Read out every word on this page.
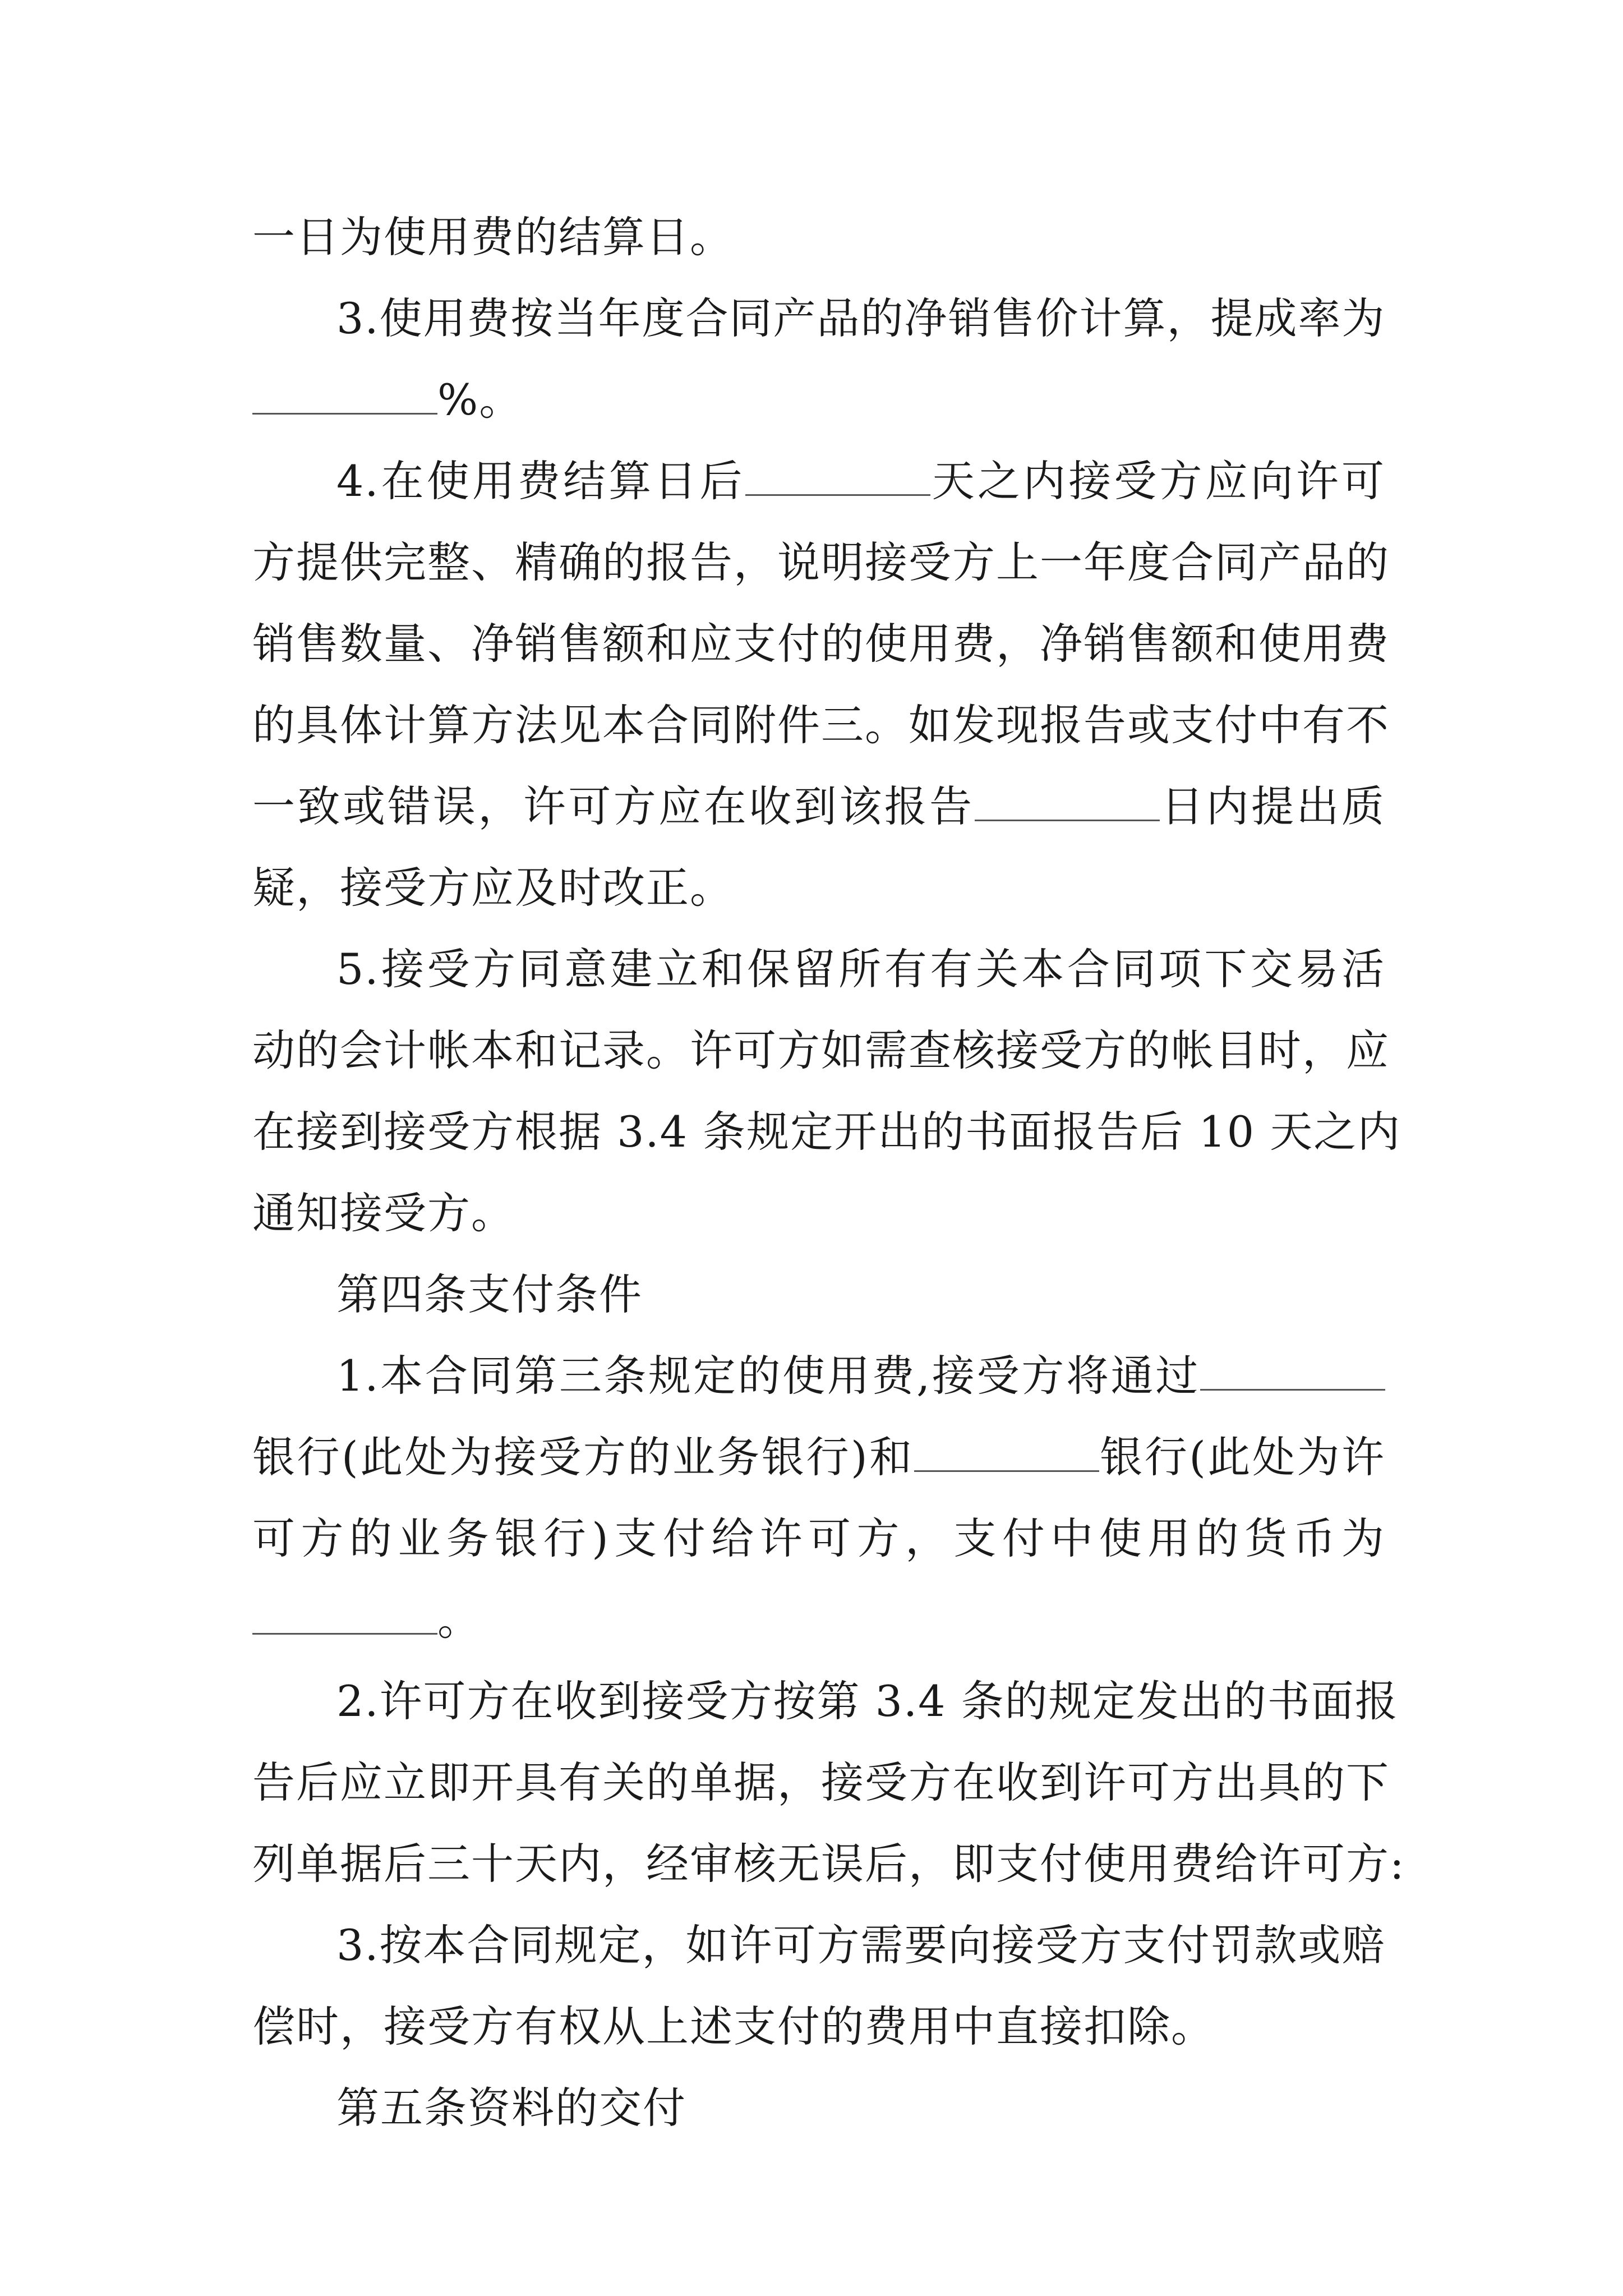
一日为使用费的结算日。
3.使用费按当年度合同产品的净销售价计算，提成率为
%。
4.在使用费结算日后	天之内接受方应向许可
方提供完整、精确的报告，说明接受方上一年度合同产品的
销售数量、净销售额和应支付的使用费，净销售额和使用费
的具体计算方法见本合同附件三。如发现报告或支付中有不
一致或错误，许可方应在收到该报告	日内提出质
疑，接受方应及时改正。
5.接受方同意建立和保留所有有关本合同项下交易活
动的会计帐本和记录。许可方如需查核接受方的帐目时，应
在接到接受方根据 3.4 条规定开出的书面报告后 10 天之内
通知接受方。
第四条支付条件
1.本合同第三条规定的使用费,接受方将通过
银行(此处为接受方的业务银行)和	银行(此处为许
可方的业务银行)支付给许可方，支付中使用的货币为
。
2.许可方在收到接受方按第 3.4 条的规定发出的书面报
告后应立即开具有关的单据，接受方在收到许可方出具的下
列单据后三十天内，经审核无误后，即支付使用费给许可方:
3.按本合同规定，如许可方需要向接受方支付罚款或赔
偿时，接受方有权从上述支付的费用中直接扣除。
第五条资料的交付
